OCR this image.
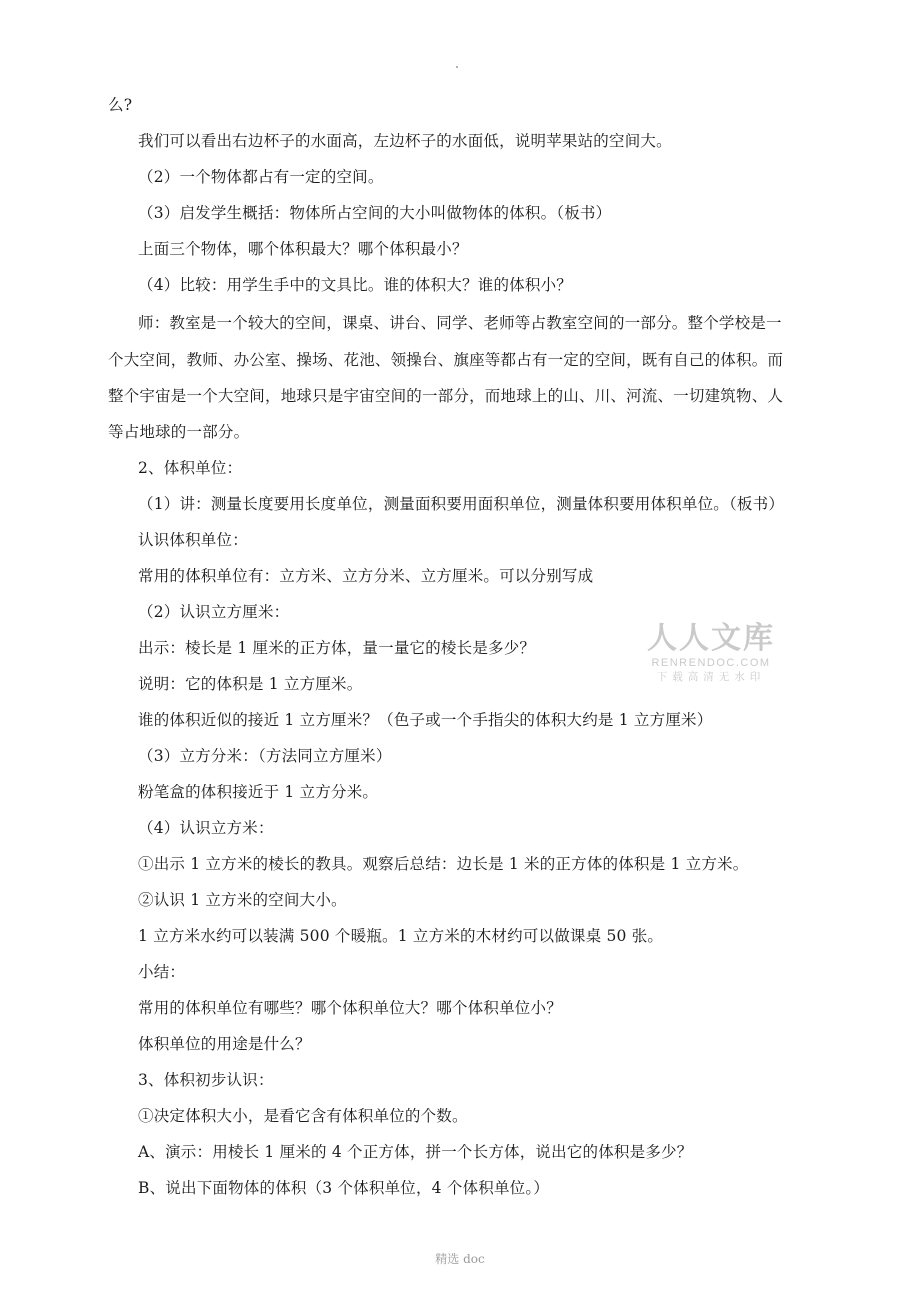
么?
我们可以看出右边杯子的水面高，左边杯子的水面低，说明苹果站的空间大。
（2）一个物体都占有一定的空间。
（3）启发学生概括：物体所占空间的大小叫做物体的体积。（板书）
上面三个物体，哪个体积最大？哪个体积最小？
（4）比较：用学生手中的文具比。谁的体积大？谁的体积小？
师：教室是一个较大的空间，课桌、讲台、同学、老师等占教室空间的一部分。整个学校是一
个大空间，教师、办公室、操场、花池、领操台、旗座等都占有一定的空间，既有自己的体积。而
整个宇宙是一个大空间，地球只是宇宙空间的一部分，而地球上的山、川、河流、一切建筑物、人
等占地球的一部分。
2、体积单位：
（1）讲：测量长度要用长度单位，测量面积要用面积单位，测量体积要用体积单位。（板书）
认识体积单位：
常用的体积单位有：立方米、立方分米、立方厘米。可以分别写成
（2）认识立方厘米：
出示：棱长是 1 厘米的正方体，量一量它的棱长是多少？
说明：它的体积是 1 立方厘米。
谁的体积近似的接近 1 立方厘米？（色子或一个手指尖的体积大约是 1 立方厘米）
（3）立方分米：（方法同立方厘米）
粉笔盒的体积接近于 1 立方分米。
（4）认识立方米：
①出示 1 立方米的棱长的教具。观察后总结：边长是 1 米的正方体的体积是 1 立方米。
②认识 1 立方米的空间大小。
1 立方米水约可以装满 500 个暖瓶。1 立方米的木材约可以做课桌 50 张。
小结：
常用的体积单位有哪些？哪个体积单位大？哪个体积单位小？
体积单位的用途是什么？
3、体积初步认识：
①决定体积大小，是看它含有体积单位的个数。
A、演示：用棱长 1 厘米的 4 个正方体，拼一个长方体，说出它的体积是多少？
B、说出下面物体的体积（3 个体积单位，4 个体积单位。）
人人文库
RENRENDOC.COM
下载高清无水印
精选 doc
